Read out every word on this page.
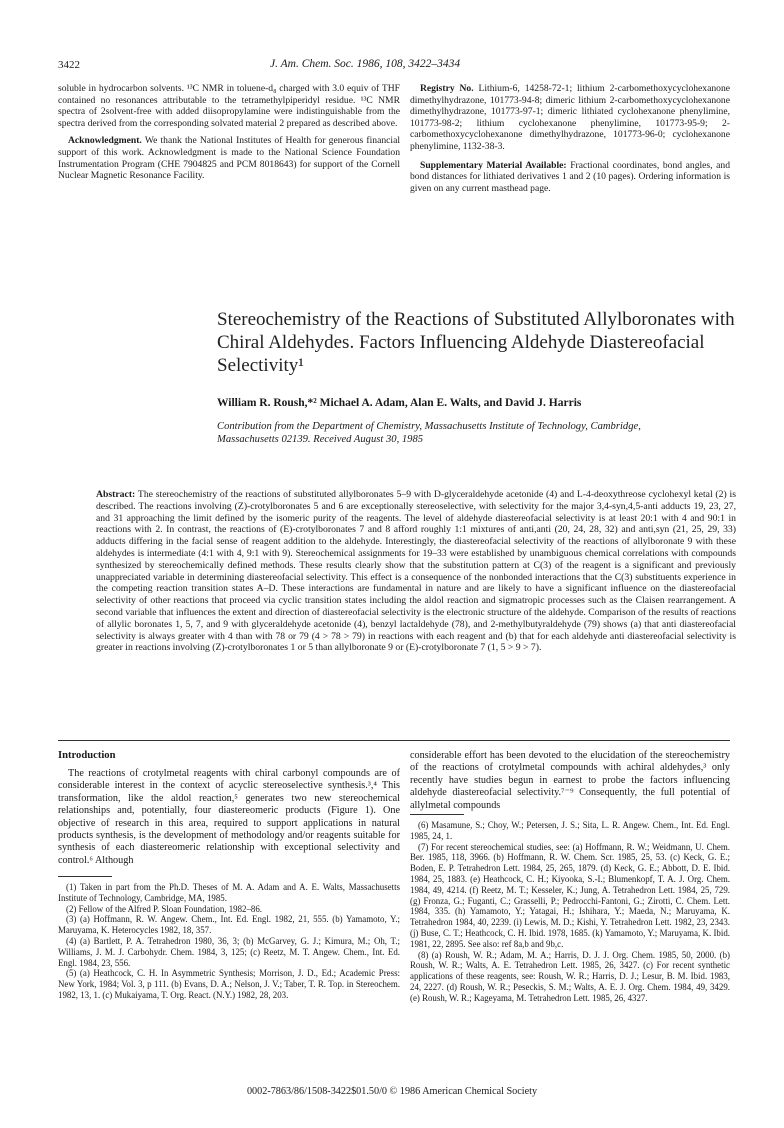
3422	J. Am. Chem. Soc. 1986, 108, 3422–3434
soluble in hydrocarbon solvents. ¹³C NMR in toluene-d₈ charged with 3.0 equiv of THF contained no resonances attributable to the tetramethylpiperidyl residue. ¹³C NMR spectra of 2solvent-free with added diisopropylamine were indistinguishable from the spectra derived from the corresponding solvated material 2 prepared as described above.
Acknowledgment. We thank the National Institutes of Health for generous financial support of this work. Acknowledgment is made to the National Science Foundation Instrumentation Program (CHE 7904825 and PCM 8018643) for support of the Cornell Nuclear Magnetic Resonance Facility.
Registry No. Lithium-6, 14258-72-1; lithium 2-carbomethoxycyclohexanone dimethylhydrazone, 101773-94-8; dimeric lithium 2-carbomethoxycyclohexanone dimethylhydrazone, 101773-97-1; dimeric lithiated cyclohexanone phenylimine, 101773-98-2; lithium cyclohexanone phenylimine, 101773-95-9; 2-carbomethoxycyclohexanone dimethylhydrazone, 101773-96-0; cyclohexanone phenylimine, 1132-38-3.
Supplementary Material Available: Fractional coordinates, bond angles, and bond distances for lithiated derivatives 1 and 2 (10 pages). Ordering information is given on any current masthead page.
Stereochemistry of the Reactions of Substituted Allylboronates with Chiral Aldehydes. Factors Influencing Aldehyde Diastereofacial Selectivity¹
William R. Roush,*² Michael A. Adam, Alan E. Walts, and David J. Harris
Contribution from the Department of Chemistry, Massachusetts Institute of Technology, Cambridge, Massachusetts 02139. Received August 30, 1985
Abstract: The stereochemistry of the reactions of substituted allylboronates 5–9 with D-glyceraldehyde acetonide (4) and L-4-deoxythreose cyclohexyl ketal (2) is described. The reactions involving (Z)-crotylboronates 5 and 6 are exceptionally stereoselective, with selectivity for the major 3,4-syn,4,5-anti adducts 19, 23, 27, and 31 approaching the limit defined by the isomeric purity of the reagents. The level of aldehyde diastereofacial selectivity is at least 20:1 with 4 and 90:1 in reactions with 2. In contrast, the reactions of (E)-crotylboronates 7 and 8 afford roughly 1:1 mixtures of anti,anti (20, 24, 28, 32) and anti,syn (21, 25, 29, 33) adducts differing in the facial sense of reagent addition to the aldehyde. Interestingly, the diastereofacial selectivity of the reactions of allylboronate 9 with these aldehydes is intermediate (4:1 with 4, 9:1 with 9). Stereochemical assignments for 19–33 were established by unambiguous chemical correlations with compounds synthesized by stereochemically defined methods. These results clearly show that the substitution pattern at C(3) of the reagent is a significant and previously unappreciated variable in determining diastereofacial selectivity. This effect is a consequence of the nonbonded interactions that the C(3) substituents experience in the competing reaction transition states A–D. These interactions are fundamental in nature and are likely to have a significant influence on the diastereofacial selectivity of other reactions that proceed via cyclic transition states including the aldol reaction and sigmatropic processes such as the Claisen rearrangement. A second variable that influences the extent and direction of diastereofacial selectivity is the electronic structure of the aldehyde. Comparison of the results of reactions of allylic boronates 1, 5, 7, and 9 with glyceraldehyde acetonide (4), benzyl lactaldehyde (78), and 2-methylbutyraldehyde (79) shows (a) that anti diastereofacial selectivity is always greater with 4 than with 78 or 79 (4 > 78 > 79) in reactions with each reagent and (b) that for each aldehyde anti diastereofacial selectivity is greater in reactions involving (Z)-crotylboronates 1 or 5 than allylboronate 9 or (E)-crotylboronate 7 (1, 5 > 9 > 7).
Introduction
The reactions of crotylmetal reagents with chiral carbonyl compounds are of considerable interest in the context of acyclic stereoselective synthesis.³,⁴ This transformation, like the aldol reaction,⁵ generates two new stereochemical relationships and, potentially, four diastereomeric products (Figure 1). One objective of research in this area, required to support applications in natural products synthesis, is the development of methodology and/or reagents suitable for synthesis of each diastereomeric relationship with exceptional selectivity and control.⁶ Although
considerable effort has been devoted to the elucidation of the stereochemistry of the reactions of crotylmetal compounds with achiral aldehydes,³ only recently have studies begun in earnest to probe the factors influencing aldehyde diastereofacial selectivity.⁷⁻⁹ Consequently, the full potential of allylmetal compounds
(1) Taken in part from the Ph.D. Theses of M. A. Adam and A. E. Walts, Massachusetts Institute of Technology, Cambridge, MA, 1985.
(2) Fellow of the Alfred P. Sloan Foundation, 1982–86.
(3) (a) Hoffmann, R. W. Angew. Chem., Int. Ed. Engl. 1982, 21, 555. (b) Yamamoto, Y.; Maruyama, K. Heterocycles 1982, 18, 357.
(4) (a) Bartlett, P. A. Tetrahedron 1980, 36, 3; (b) McGarvey, G. J.; Kimura, M.; Oh, T.; Williams, J. M. J. Carbohydr. Chem. 1984, 3, 125; (c) Reetz, M. T. Angew. Chem., Int. Ed. Engl. 1984, 23, 556.
(5) (a) Heathcock, C. H. In Asymmetric Synthesis; Morrison, J. D., Ed.; Academic Press: New York, 1984; Vol. 3, p 111. (b) Evans, D. A.; Nelson, J. V.; Taber, T. R. Top. in Stereochem. 1982, 13, 1. (c) Mukaiyama, T. Org. React. (N.Y.) 1982, 28, 203.
(6) Masamune, S.; Choy, W.; Petersen, J. S.; Sita, L. R. Angew. Chem., Int. Ed. Engl. 1985, 24, 1.
(7) For recent stereochemical studies, see: (a) Hoffmann, R. W.; Weidmann, U. Chem. Ber. 1985, 118, 3966. (b) Hoffmann, R. W. Chem. Scr. 1985, 25, 53. (c) Keck, G. E.; Boden, E. P. Tetrahedron Lett. 1984, 25, 265, 1879. (d) Keck, G. E.; Abbott, D. E. Ibid. 1984, 25, 1883. (e) Heathcock, C. H.; Kiyooka, S.-I.; Blumenkopf, T. A. J. Org. Chem. 1984, 49, 4214. (f) Reetz, M. T.; Kesseler, K.; Jung, A. Tetrahedron Lett. 1984, 25, 729. (g) Fronza, G.; Fuganti, C.; Grasselli, P.; Pedrocchi-Fantoni, G.; Zirotti, C. Chem. Lett. 1984, 335. (h) Yamamoto, Y.; Yatagai, H.; Ishihara, Y.; Maeda, N.; Maruyama, K. Tetrahedron 1984, 40, 2239. (i) Lewis, M. D.; Kishi, Y. Tetrahedron Lett. 1982, 23, 2343. (j) Buse, C. T.; Heathcock, C. H. Ibid. 1978, 1685. (k) Yamamoto, Y.; Maruyama, K. Ibid. 1981, 22, 2895. See also: ref 8a,b and 9b,c.
(8) (a) Roush, W. R.; Adam, M. A.; Harris, D. J. J. Org. Chem. 1985, 50, 2000. (b) Roush, W. R.; Walts, A. E. Tetrahedron Lett. 1985, 26, 3427. (c) For recent synthetic applications of these reagents, see: Roush, W. R.; Harris, D. J.; Lesur, B. M. Ibid. 1983, 24, 2227. (d) Roush, W. R.; Peseckis, S. M.; Walts, A. E. J. Org. Chem. 1984, 49, 3429. (e) Roush, W. R.; Kageyama, M. Tetrahedron Lett. 1985, 26, 4327.
0002-7863/86/1508-3422$01.50/0 © 1986 American Chemical Society
